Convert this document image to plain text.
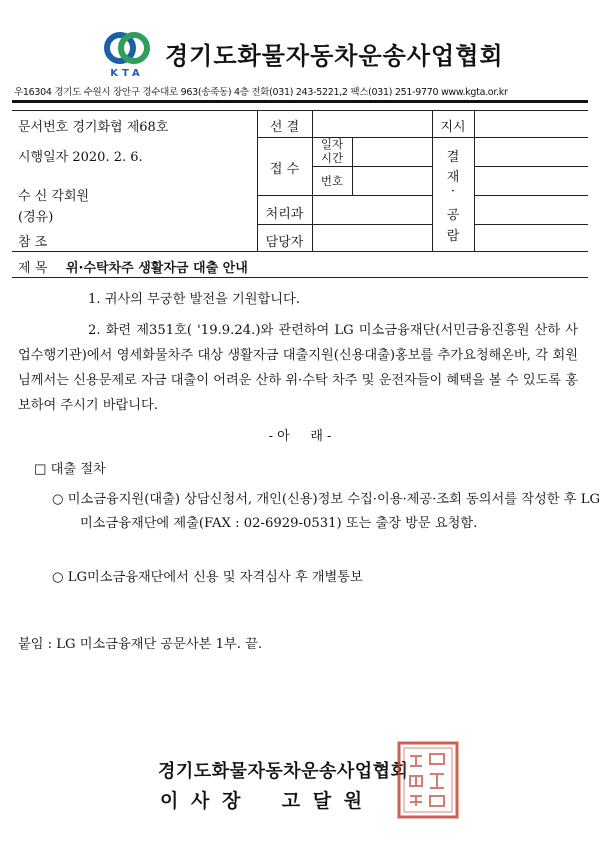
KTA
경기도화물자동차운송사업협회
우16304 경기도 수원시 장안구 경수대로 963(송죽동) 4층 전화(031) 243-5221,2 팩스(031) 251-9770 www.kgta.or.kr
문서번호 경기화협 제68호
시행일자 2020. 2. 6.
수 신 각회원
(경유)
참 조
제 목 위·수탁차주 생활자금 대출 안내
선 결	지시
접 수
일자
시간
번호
처리과
담당자
결
재
·
공
람
1. 귀사의 무궁한 발전을 기원합니다.
2. 화련 제351호( '19.9.24.)와 관련하여 LG 미소금융재단(서민금융진흥원 산하 사업수행기관)에서 영세화물차주 대상 생활자금 대출지원(신용대출)홍보를 추가요청해온바, 각 회원님께서는 신용문제로 자금 대출이 어려운 산하 위·수탁 차주 및 운전자들이 혜택을 볼 수 있도록 홍보하여 주시기 바랍니다.
- 아     래 -
□ 대출 절차
○ 미소금융지원(대출) 상담신청서, 개인(신용)정보 수집·이용·제공·조회 동의서를 작성한 후 LG 미소금융재단에 제출(FAX : 02-6929-0531) 또는 출장 방문 요청함.
○ LG미소금융재단에서 신용 및 자격심사 후 개별통보
붙임 : LG 미소금융재단 공문사본 1부. 끝.
경기도화물자동차운송사업협회
이 사 장    고 달 원
